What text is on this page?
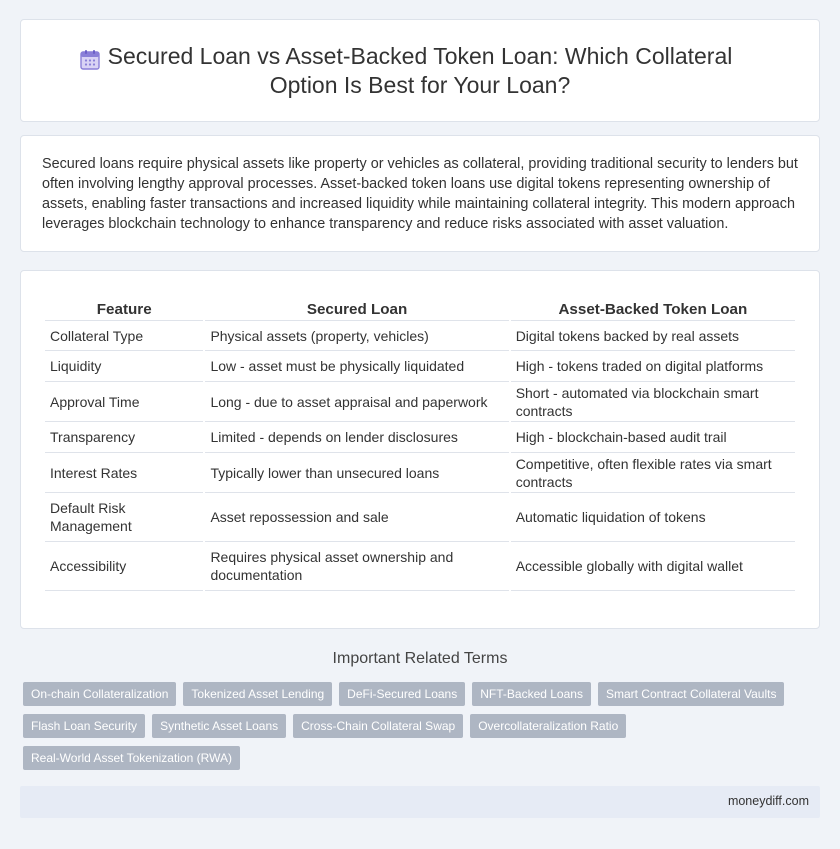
Secured Loan vs Asset-Backed Token Loan: Which Collateral Option Is Best for Your Loan?

Secured loans require physical assets like property or vehicles as collateral, providing traditional security to lenders but often involving lengthy approval processes. Asset-backed token loans use digital tokens representing ownership of assets, enabling faster transactions and increased liquidity while maintaining collateral integrity. This modern approach leverages blockchain technology to enhance transparency and reduce risks associated with asset valuation.

Feature	Secured Loan	Asset-Backed Token Loan
Collateral Type	Physical assets (property, vehicles)	Digital tokens backed by real assets
Liquidity	Low - asset must be physically liquidated	High - tokens traded on digital platforms
Approval Time	Long - due to asset appraisal and paperwork	Short - automated via blockchain smart contracts
Transparency	Limited - depends on lender disclosures	High - blockchain-based audit trail
Interest Rates	Typically lower than unsecured loans	Competitive, often flexible rates via smart contracts
Default Risk Management	Asset repossession and sale	Automatic liquidation of tokens
Accessibility	Requires physical asset ownership and documentation	Accessible globally with digital wallet
Important Related Terms
On-chain Collateralization	Tokenized Asset Lending	DeFi-Secured Loans	NFT-Backed Loans	Smart Contract Collateral Vaults
Flash Loan Security	Synthetic Asset Loans	Cross-Chain Collateral Swap	Overcollateralization Ratio
Real-World Asset Tokenization (RWA)
moneydiff.com
